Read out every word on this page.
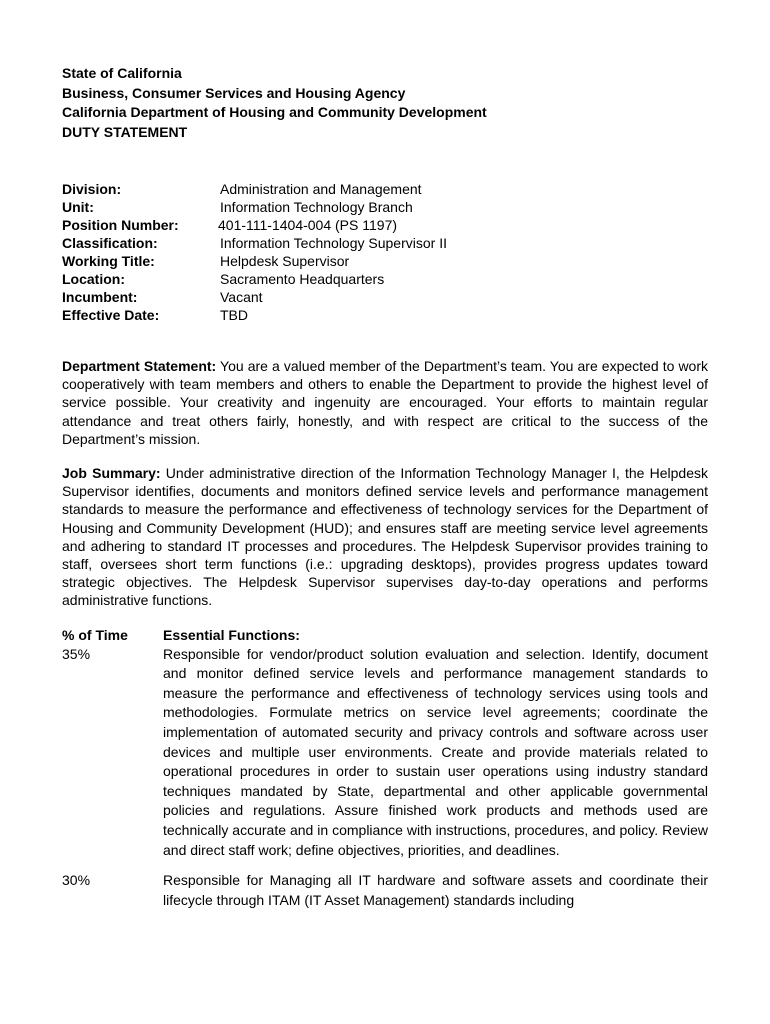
State of California

Business, Consumer Services and Housing Agency

California Department of Housing and Community Development

DUTY STATEMENT

Division:	Administration and Management
Unit:	Information Technology Branch
Position Number:	401-111-1404-004 (PS 1197)
Classification:	Information Technology Supervisor II
Working Title:	Helpdesk Supervisor
Location:	Sacramento Headquarters
Incumbent:	Vacant
Effective Date:	TBD

Department Statement: You are a valued member of the Department’s team. You are expected to work cooperatively with team members and others to enable the Department to provide the highest level of service possible. Your creativity and ingenuity are encouraged. Your efforts to maintain regular attendance and treat others fairly, honestly, and with respect are critical to the success of the Department’s mission.

Job Summary: Under administrative direction of the Information Technology Manager I, the Helpdesk Supervisor identifies, documents and monitors defined service levels and performance management standards to measure the performance and effectiveness of technology services for the Department of Housing and Community Development (HUD); and ensures staff are meeting service level agreements and adhering to standard IT processes and procedures. The Helpdesk Supervisor provides training to staff, oversees short term functions (i.e.: upgrading desktops), provides progress updates toward strategic objectives. The Helpdesk Supervisor supervises day-to-day operations and performs administrative functions.

% of Time	Essential Functions:
35%	Responsible for vendor/product solution evaluation and selection. Identify, document and monitor defined service levels and performance management standards to measure the performance and effectiveness of technology services using tools and methodologies. Formulate metrics on service level agreements; coordinate the implementation of automated security and privacy controls and software across user devices and multiple user environments. Create and provide materials related to operational procedures in order to sustain user operations using industry standard techniques mandated by State, departmental and other applicable governmental policies and regulations. Assure finished work products and methods used are technically accurate and in compliance with instructions, procedures, and policy. Review and direct staff work; define objectives, priorities, and deadlines.
30%	Responsible for Managing all IT hardware and software assets and coordinate their lifecycle through ITAM (IT Asset Management) standards including
